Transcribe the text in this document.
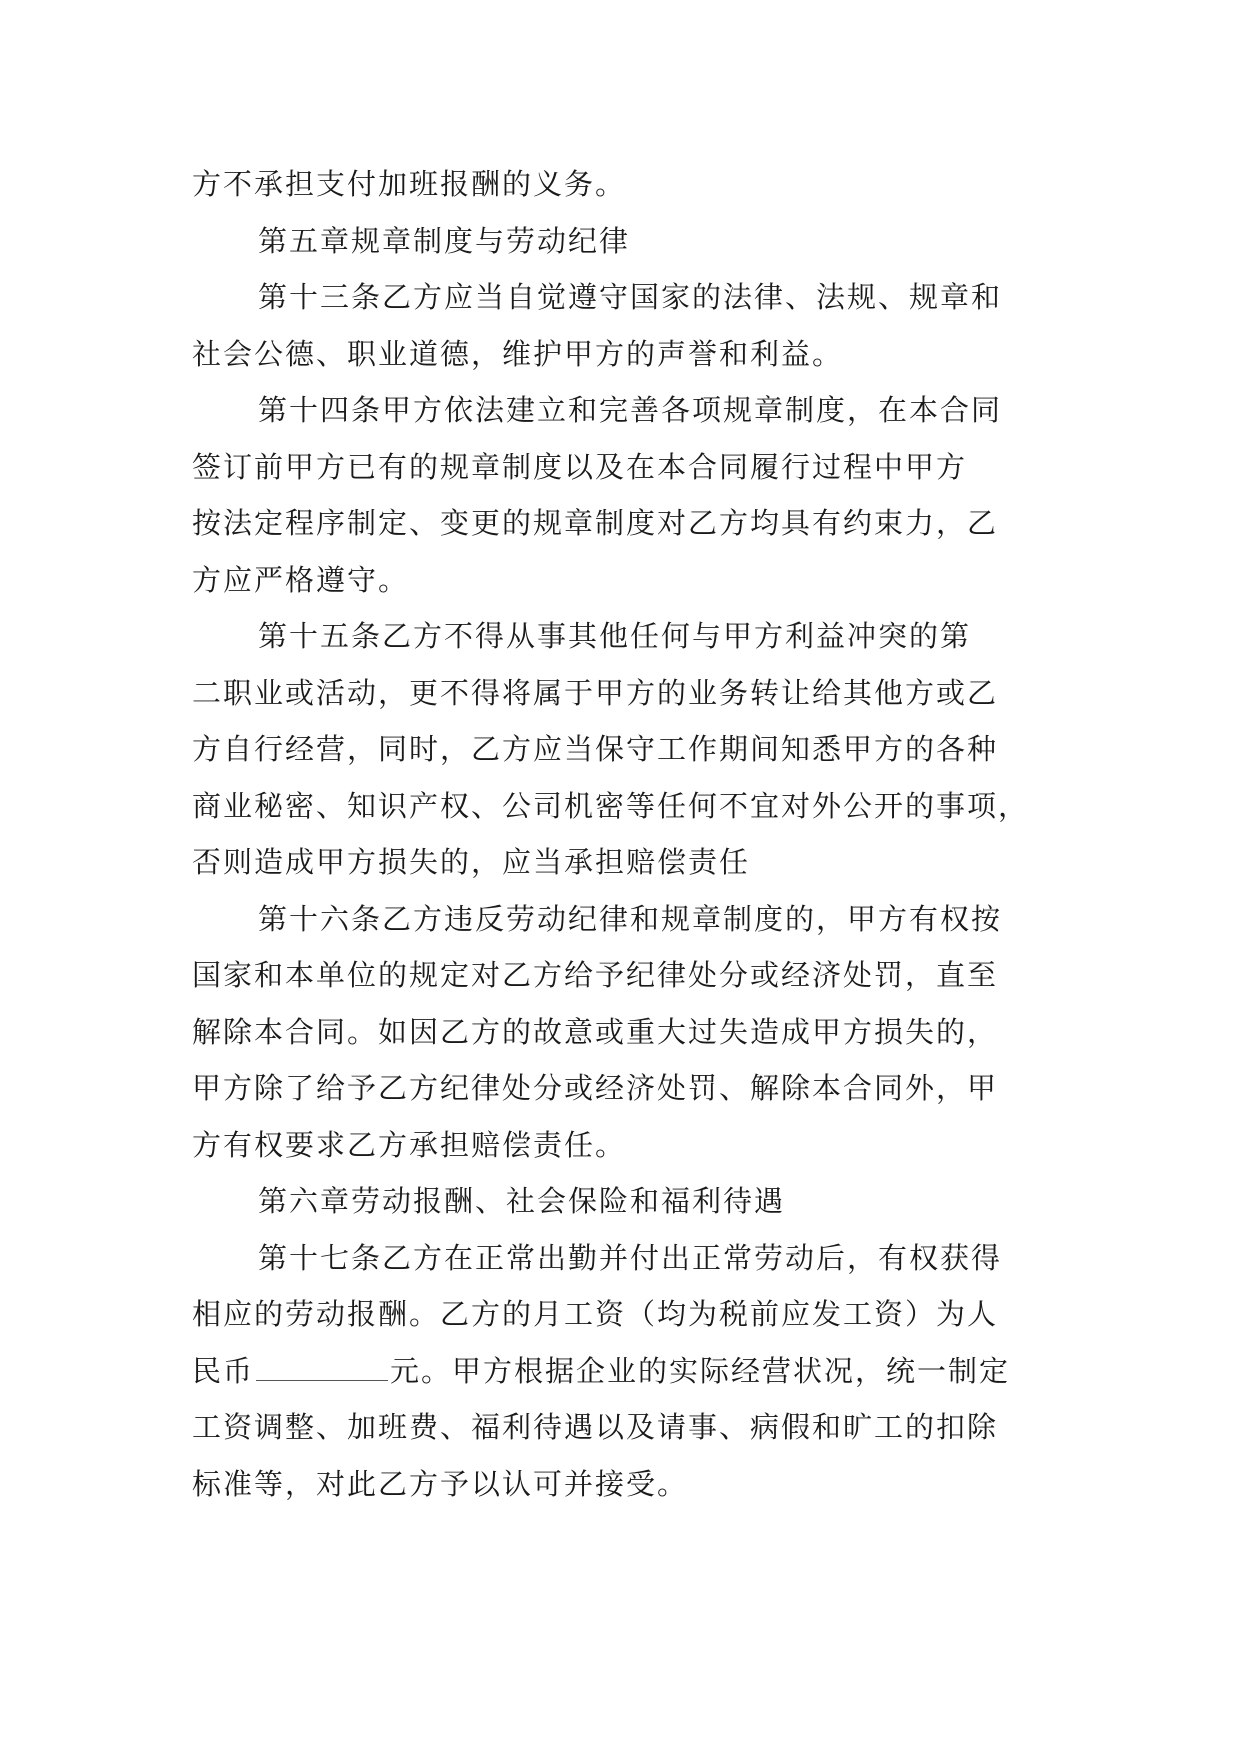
方不承担支付加班报酬的义务。
第五章规章制度与劳动纪律
第十三条乙方应当自觉遵守国家的法律、法规、规章和
社会公德、职业道德，维护甲方的声誉和利益。
第十四条甲方依法建立和完善各项规章制度，在本合同
签订前甲方已有的规章制度以及在本合同履行过程中甲方
按法定程序制定、变更的规章制度对乙方均具有约束力，乙
方应严格遵守。
第十五条乙方不得从事其他任何与甲方利益冲突的第
二职业或活动，更不得将属于甲方的业务转让给其他方或乙
方自行经营，同时，乙方应当保守工作期间知悉甲方的各种
商业秘密、知识产权、公司机密等任何不宜对外公开的事项，
否则造成甲方损失的，应当承担赔偿责任
第十六条乙方违反劳动纪律和规章制度的，甲方有权按
国家和本单位的规定对乙方给予纪律处分或经济处罚，直至
解除本合同。如因乙方的故意或重大过失造成甲方损失的，
甲方除了给予乙方纪律处分或经济处罚、解除本合同外，甲
方有权要求乙方承担赔偿责任。
第六章劳动报酬、社会保险和福利待遇
第十七条乙方在正常出勤并付出正常劳动后，有权获得
相应的劳动报酬。乙方的月工资（均为税前应发工资）为人
民币	元。甲方根据企业的实际经营状况，统一制定
工资调整、加班费、福利待遇以及请事、病假和旷工的扣除
标准等，对此乙方予以认可并接受。
